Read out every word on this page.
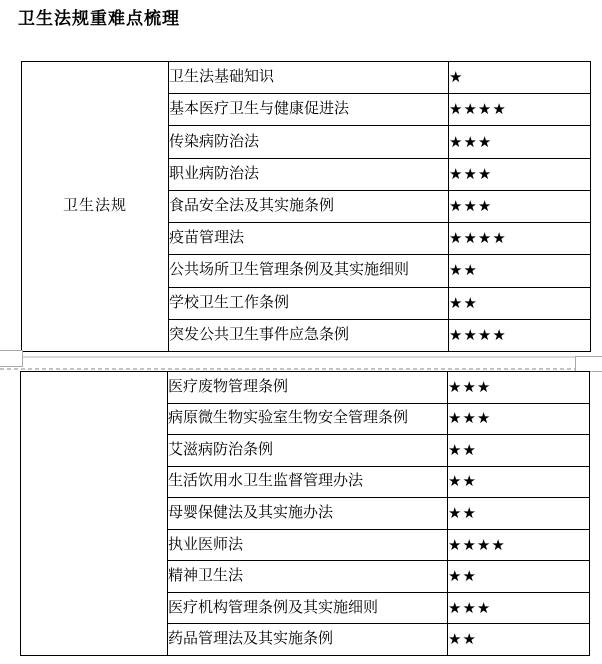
卫生法规重难点梳理
卫生法规	卫生法基础知识	★
	基本医疗卫生与健康促进法	★★★★
	传染病防治法	★★★
	职业病防治法	★★★
	食品安全法及其实施条例	★★★
	疫苗管理法	★★★★
	公共场所卫生管理条例及其实施细则	★★
	学校卫生工作条例	★★
	突发公共卫生事件应急条例	★★★★
	医疗废物管理条例	★★★
	病原微生物实验室生物安全管理条例	★★★
	艾滋病防治条例	★★
	生活饮用水卫生监督管理办法	★★
	母婴保健法及其实施办法	★★
	执业医师法	★★★★
	精神卫生法	★★
	医疗机构管理条例及其实施细则	★★★
	药品管理法及其实施条例	★★
